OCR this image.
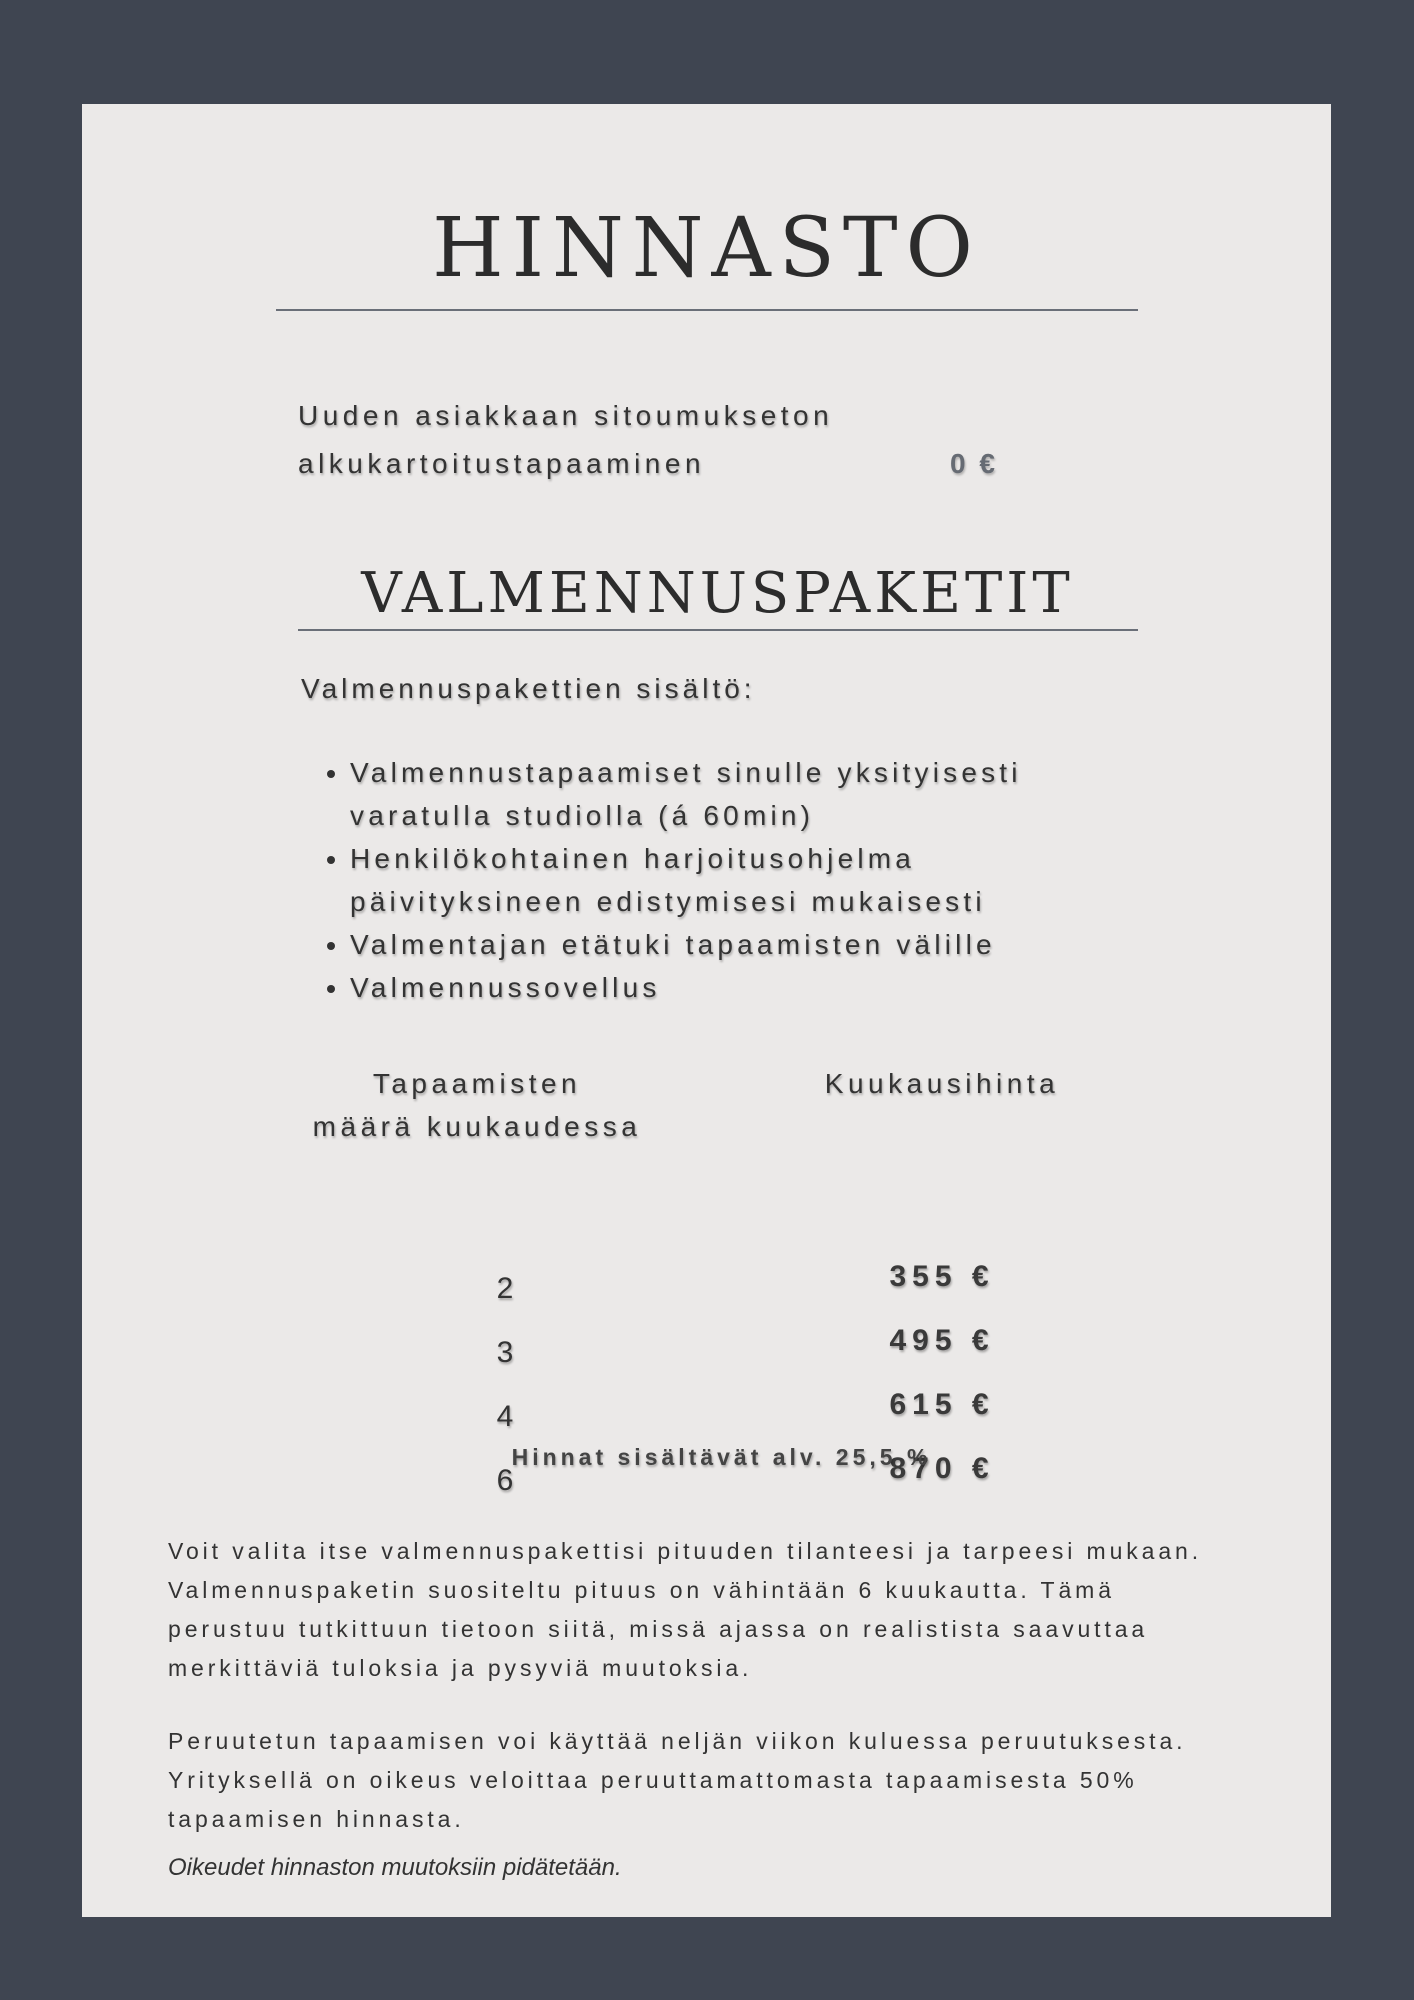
HINNASTO
Uuden asiakkaan sitoumukseton
alkukartoitustapaaminen	0 €
VALMENNUSPAKETIT
Valmennuspakettien sisältö:
• Valmennustapaamiset sinulle yksityisesti
varatulla studiolla (á 60min)
• Henkilökohtainen harjoitusohjelma
päivityksineen edistymisesi mukaisesti
• Valmentajan etätuki tapaamisten välille
• Valmennussovellus
Tapaamisten
määrä kuukaudessa
Kuukausihinta
2	355 €
3	495 €
4	615 €
6	870 €
Hinnat sisältävät alv. 25,5 %
Voit valita itse valmennuspakettisi pituuden tilanteesi ja tarpeesi mukaan.
Valmennuspaketin suositeltu pituus on vähintään 6 kuukautta. Tämä
perustuu tutkittuun tietoon siitä, missä ajassa on realistista saavuttaa
merkittäviä tuloksia ja pysyviä muutoksia.
Peruutetun tapaamisen voi käyttää neljän viikon kuluessa peruutuksesta.
Yrityksellä on oikeus veloittaa peruuttamattomasta tapaamisesta 50%
tapaamisen hinnasta.
Oikeudet hinnaston muutoksiin pidätetään.
